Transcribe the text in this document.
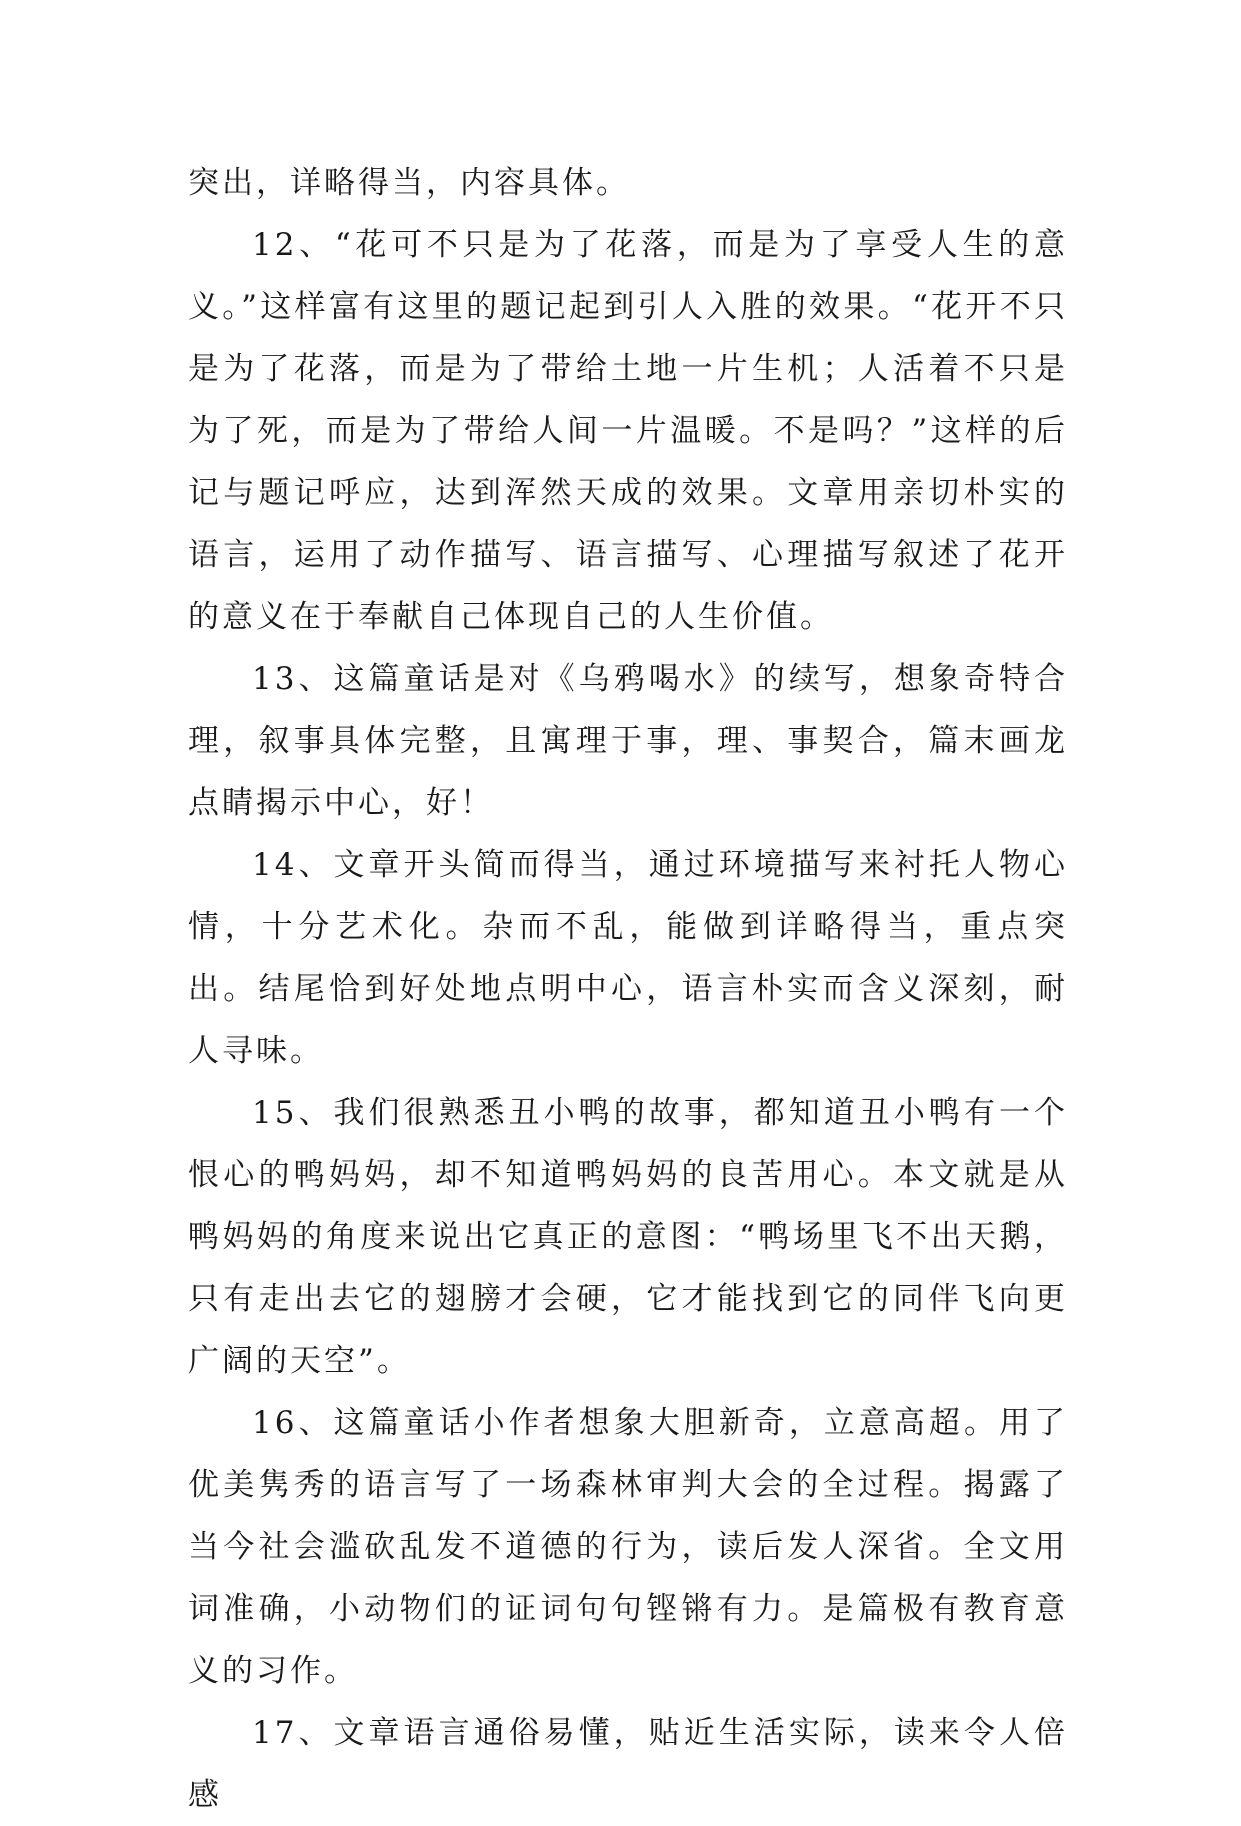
突出，详略得当，内容具体。

12、“花可不只是为了花落，而是为了享受人生的意义。”这样富有这里的题记起到引人入胜的效果。“花开不只是为了花落，而是为了带给土地一片生机；人活着不只是为了死，而是为了带给人间一片温暖。不是吗？”这样的后记与题记呼应，达到浑然天成的效果。文章用亲切朴实的语言，运用了动作描写、语言描写、心理描写叙述了花开的意义在于奉献自己体现自己的人生价值。

13、这篇童话是对《乌鸦喝水》的续写，想象奇特合理，叙事具体完整，且寓理于事，理、事契合，篇末画龙点睛揭示中心，好！

14、文章开头简而得当，通过环境描写来衬托人物心情，十分艺术化。杂而不乱，能做到详略得当，重点突出。结尾恰到好处地点明中心，语言朴实而含义深刻，耐人寻味。

15、我们很熟悉丑小鸭的故事，都知道丑小鸭有一个恨心的鸭妈妈，却不知道鸭妈妈的良苦用心。本文就是从鸭妈妈的角度来说出它真正的意图：“鸭场里飞不出天鹅，只有走出去它的翅膀才会硬，它才能找到它的同伴飞向更广阔的天空”。

16、这篇童话小作者想象大胆新奇，立意高超。用了优美隽秀的语言写了一场森林审判大会的全过程。揭露了当今社会滥砍乱发不道德的行为，读后发人深省。全文用词准确，小动物们的证词句句铿锵有力。是篇极有教育意义的习作。

17、文章语言通俗易懂，贴近生活实际，读来令人倍感
